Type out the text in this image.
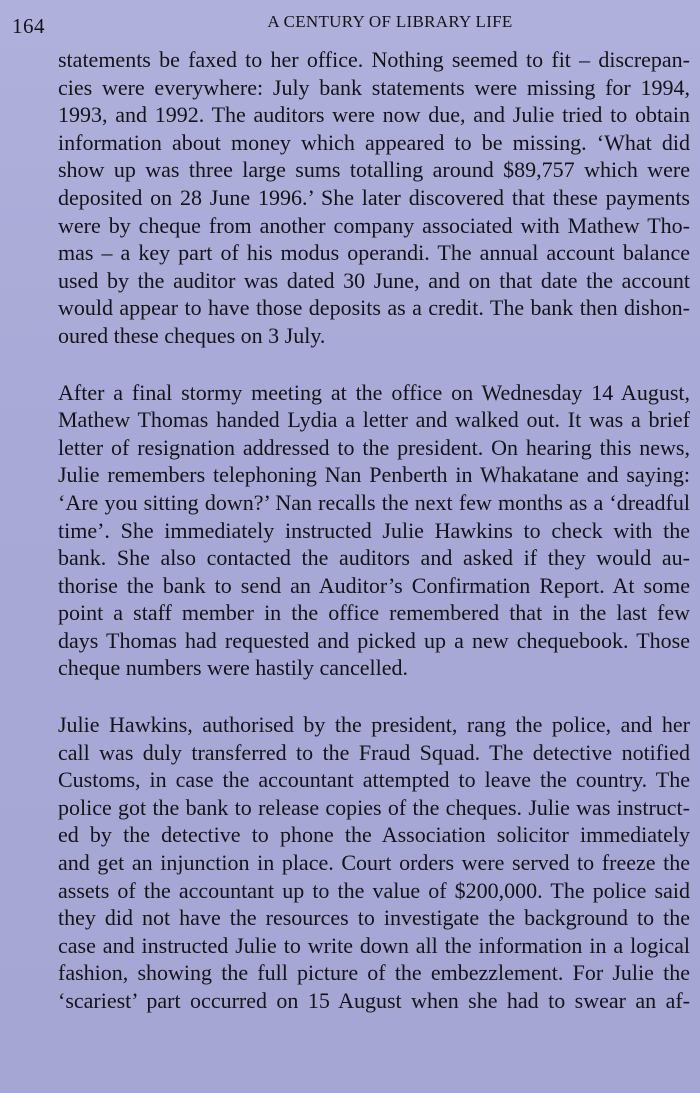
164	A CENTURY OF LIBRARY LIFE
statements be faxed to her office. Nothing seemed to fit – discrepan-
cies were everywhere: July bank statements were missing for 1994,
1993, and 1992. The auditors were now due, and Julie tried to obtain
information about money which appeared to be missing. ‘What did
show up was three large sums totalling around $89,757 which were
deposited on 28 June 1996.’ She later discovered that these payments
were by cheque from another company associated with Mathew Tho-
mas – a key part of his modus operandi. The annual account balance
used by the auditor was dated 30 June, and on that date the account
would appear to have those deposits as a credit. The bank then dishon-
oured these cheques on 3 July.
After a final stormy meeting at the office on Wednesday 14 August,
Mathew Thomas handed Lydia a letter and walked out. It was a brief
letter of resignation addressed to the president. On hearing this news,
Julie remembers telephoning Nan Penberth in Whakatane and saying:
‘Are you sitting down?’ Nan recalls the next few months as a ‘dreadful
time’. She immediately instructed Julie Hawkins to check with the
bank. She also contacted the auditors and asked if they would au-
thorise the bank to send an Auditor’s Confirmation Report. At some
point a staff member in the office remembered that in the last few
days Thomas had requested and picked up a new chequebook. Those
cheque numbers were hastily cancelled.
Julie Hawkins, authorised by the president, rang the police, and her
call was duly transferred to the Fraud Squad. The detective notified
Customs, in case the accountant attempted to leave the country. The
police got the bank to release copies of the cheques. Julie was instruct-
ed by the detective to phone the Association solicitor immediately
and get an injunction in place. Court orders were served to freeze the
assets of the accountant up to the value of $200,000. The police said
they did not have the resources to investigate the background to the
case and instructed Julie to write down all the information in a logical
fashion, showing the full picture of the embezzlement. For Julie the
‘scariest’ part occurred on 15 August when she had to swear an af-
